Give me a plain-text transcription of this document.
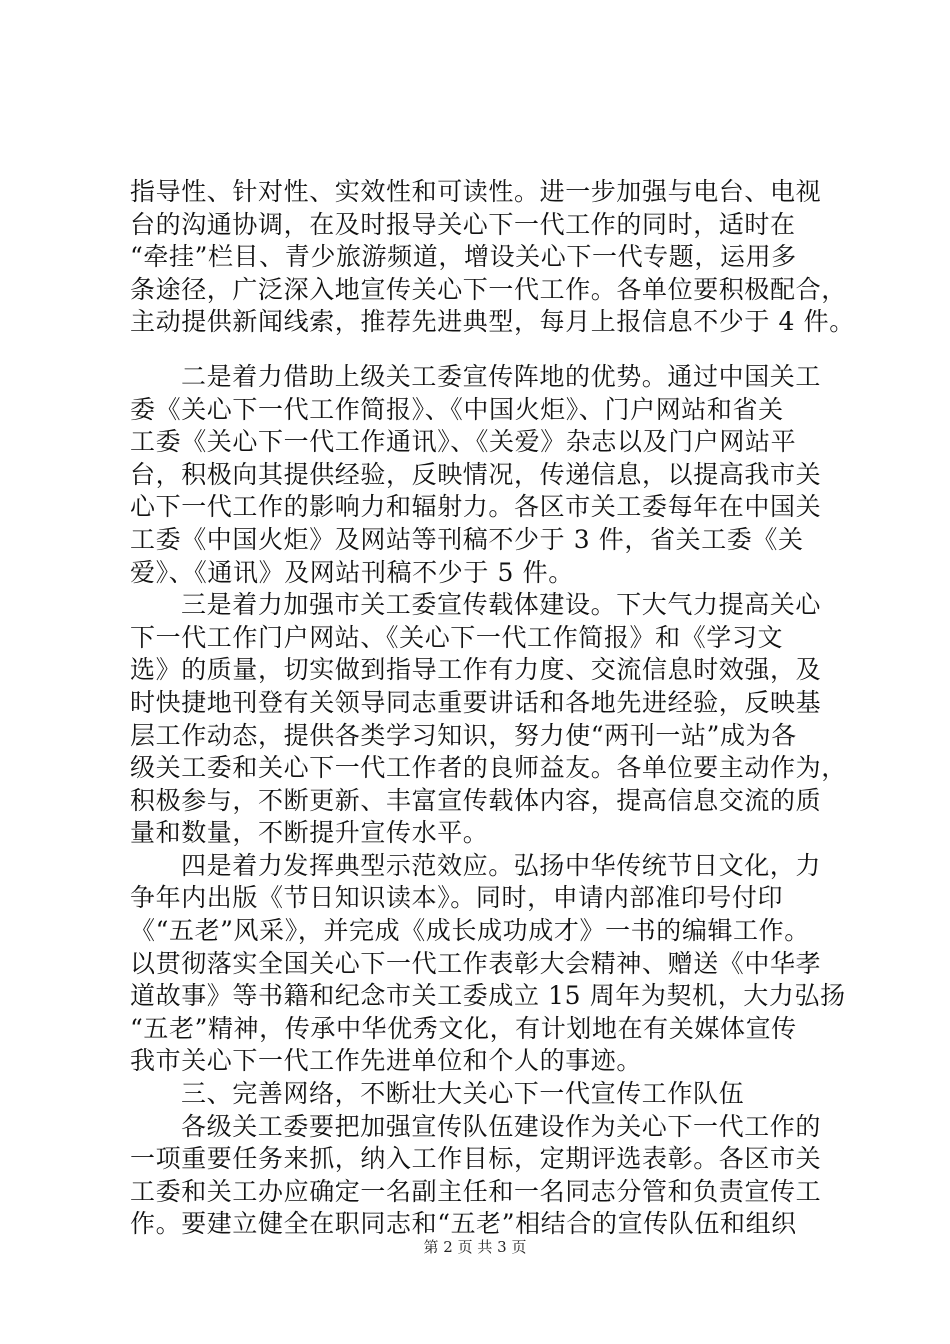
指导性、针对性、实效性和可读性。进一步加强与电台、电视
台的沟通协调，在及时报导关心下一代工作的同时，适时在
“牵挂”栏目、青少旅游频道，增设关心下一代专题，运用多
条途径，广泛深入地宣传关心下一代工作。各单位要积极配合，
主动提供新闻线索，推荐先进典型，每月上报信息不少于 4 件。
二是着力借助上级关工委宣传阵地的优势。通过中国关工
委《关心下一代工作简报》、《中国火炬》、门户网站和省关
工委《关心下一代工作通讯》、《关爱》杂志以及门户网站平
台，积极向其提供经验，反映情况，传递信息，以提高我市关
心下一代工作的影响力和辐射力。各区市关工委每年在中国关
工委《中国火炬》及网站等刊稿不少于 3 件，省关工委《关
爱》、《通讯》及网站刊稿不少于 5 件。
三是着力加强市关工委宣传载体建设。下大气力提高关心
下一代工作门户网站、《关心下一代工作简报》和《学习文
选》的质量，切实做到指导工作有力度、交流信息时效强，及
时快捷地刊登有关领导同志重要讲话和各地先进经验，反映基
层工作动态，提供各类学习知识，努力使“两刊一站”成为各
级关工委和关心下一代工作者的良师益友。各单位要主动作为，
积极参与，不断更新、丰富宣传载体内容，提高信息交流的质
量和数量，不断提升宣传水平。
四是着力发挥典型示范效应。弘扬中华传统节日文化，力
争年内出版《节日知识读本》。同时，申请内部准印号付印
《“五老”风采》，并完成《成长成功成才》一书的编辑工作。
以贯彻落实全国关心下一代工作表彰大会精神、赠送《中华孝
道故事》等书籍和纪念市关工委成立 15 周年为契机，大力弘扬
“五老”精神，传承中华优秀文化，有计划地在有关媒体宣传
我市关心下一代工作先进单位和个人的事迹。
三、完善网络，不断壮大关心下一代宣传工作队伍
各级关工委要把加强宣传队伍建设作为关心下一代工作的
一项重要任务来抓，纳入工作目标，定期评选表彰。各区市关
工委和关工办应确定一名副主任和一名同志分管和负责宣传工
作。要建立健全在职同志和“五老”相结合的宣传队伍和组织
第 2 页 共 3 页
